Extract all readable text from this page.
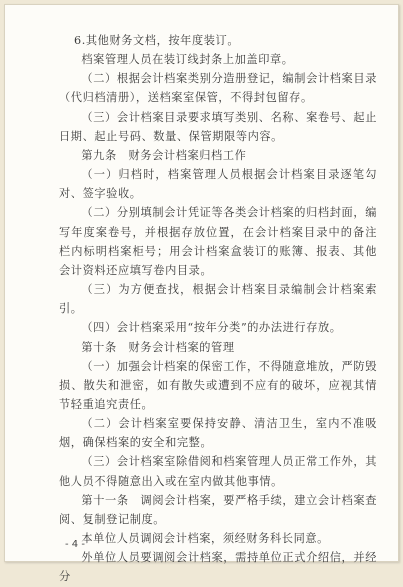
6.其他财务文档，按年度装订。

档案管理人员在装订线封条上加盖印章。

（二）根据会计档案类别分造册登记，编制会计档案目录（代归档清册），送档案室保管，不得封包留存。

（三）会计档案目录要求填写类别、名称、案卷号、起止日期、起止号码、数量、保管期限等内容。

第九条　财务会计档案归档工作

（一）归档时，档案管理人员根据会计档案目录逐笔勾对、签字验收。

（二）分别填制会计凭证等各类会计档案的归档封面，编写年度案卷号，并根据存放位置，在会计档案目录中的备注栏内标明档案柜号；用会计档案盒装订的账簿、报表、其他会计资料还应填写卷内目录。

（三）为方便查找，根据会计档案目录编制会计档案索引。

（四）会计档案采用“按年分类”的办法进行存放。

第十条　财务会计档案的管理

（一）加强会计档案的保密工作，不得随意堆放，严防毁损、散失和泄密，如有散失或遭到不应有的破坏，应视其情节轻重追究责任。

（二）会计档案室要保持安静、清洁卫生，室内不准吸烟，确保档案的安全和完整。

（三）会计档案室除借阅和档案管理人员正常工作外，其他人员不得随意出入或在室内做其他事情。

第十一条　调阅会计档案，要严格手续，建立会计档案查阅、复制登记制度。

本单位人员调阅会计档案，须经财务科长同意。

外单位人员要调阅会计档案，需持单位正式介绍信，并经分

- 4 -
